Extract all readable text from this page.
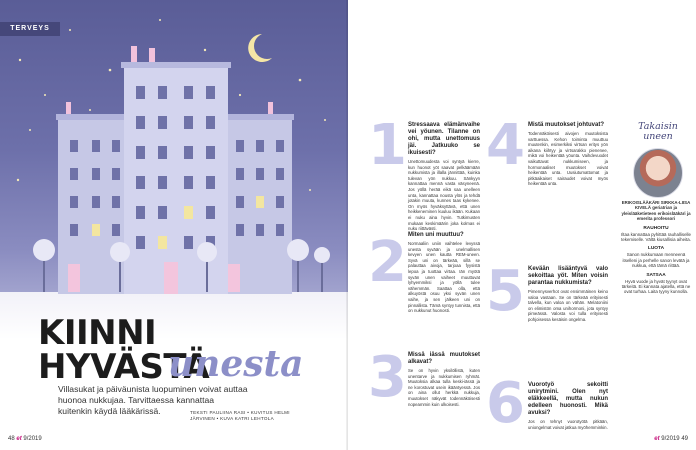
TERVEYS
KIINNI
HYVÄSTÄ
unesta
Villasukat ja päiväunista luopuminen voivat auttaa huonoa nukkujaa. Tarvittaessa kannattaa kuitenkin käydä lääkärissä.	TEKSTI PAULIINA RASI • KUVITUS HELMI JÄRVINEN • KUVA KATRI LEHTOLA
48 et 9/2019
1 Stressaava elämänvaihe vei yöunen. Tilanne on ohi, mutta unettomuus jäi. Jatkuuko se ikuisesti?
Unettomuudesta voi syntyä kierre, kun huonot yöt saavat pelkäämään nukkumista ja illalla jännittää, kuinka tulevan yön nukkuu. Sänkyyn kannattaa mennä vasta väsyneenä. Jos yöllä herää eikä saa unelleen unta, kannattaa nousta ylös ja tehdä jotakin muuta, kunnes taas kykenee. On myös hyväksyttävä, että unen heikkeneminen kuuluu ikään. Kukaan ei nuku aina hyvin. Tutkimusten mukaan keskimäärin joka kolmas ei nuku riittävästi.
2 Miten uni muuttuu?
Normaaliin uniin vaihtelee levyssä unesta syvään ja unelmallisen kevyen unen kautta REM-uneen. Syvä uni on tärkeää, sillä se palauttaa aivoja, tarjoaa fyysistä lepoa ja tuottaa virtaa. Iän myötä syvän unen vaiheet muuttuvat lyhyemmiksi ja yöllä tulee vähemmän. Saattaa olla, että alkuyöstä osuu yksi syvän unen vaihe, ja sen jälkeen uni on pinnallista. Tämä syntyy tunnista, että on nukkunut huonosti.
3 Missä iässä muutokset alkavat?
Se on hyvin yksilöllistä, kuten unentarve ja nukkumisen ryhmät. Muutoksia alkaa tulla keski-iässä ja ne korostuvat usein ikääntyessä. Jos on aina ollut herkkä nukkuja, muutokset näkyvät todennäköisesti nopeammin kuin ulkoisesti.
4 Mistä muutokset johtuvat?
Todennäköisesti aivojen muutoksista varttuessa. Kehon toiminta muuttuu muutenkin, esimerkiksi virtsan eritys yön aikana kiihtyy ja virtsarakko pienenee, mikä voi heikentää yöunta. Vaihdevuodet vaikuttavat nukkumiseen, ja hormonaaliset muutokset voivat heikentää unta. Uusiutumattomat ja pitkäaikaiset sairaudet voivat myös heikentää unta.
5 Kevään lisääntyvä valo sekoittaa yöt. Miten voisin parantaa nukkumista?
Pimennysverhot ovat ensimmäinen keino valoa vastaan. Se on tärkeää erityisesti talvella, kun valoa on vähän. Melatoniini on elimistön oma unihormoni, jota syntyy pimeässä. Valosta voi tulla erityisesti pohjoisessa kesäisin ongelma.
6 Vuorotyö sekoitti unirytmini. Olen nyt eläkkeellä, mutta nukun edelleen huonosti. Mikä avuksi?
Jos on tehnyt vuorotyötä pitkään, uniongelmat voivat jatkua myöhemminkin.
Takaisin
uneen
ERIKOISLÄÄKÄRI SIRKKA-LIISA KIVELÄ geriatrian ja yleislääketieteen erikoislääkäri ja emerita professori
RAUHOITU
Iltaa kannattaa pyhittää rauhalliselle tekemiselle. Vältä kiusallisia aiheita.
LUOTA
Sanon nukkumaan menneenä itselleni ja perhelle sanon levätä ja nukkua, että tämä riittää.
SATSAA
Hyvä vuode ja hyvät tyynyt ovat tärkeitä. Ei kannata ajatella, että ne ovat turhaa. Laita tyyny kunnolla.
et 9/2019 49
